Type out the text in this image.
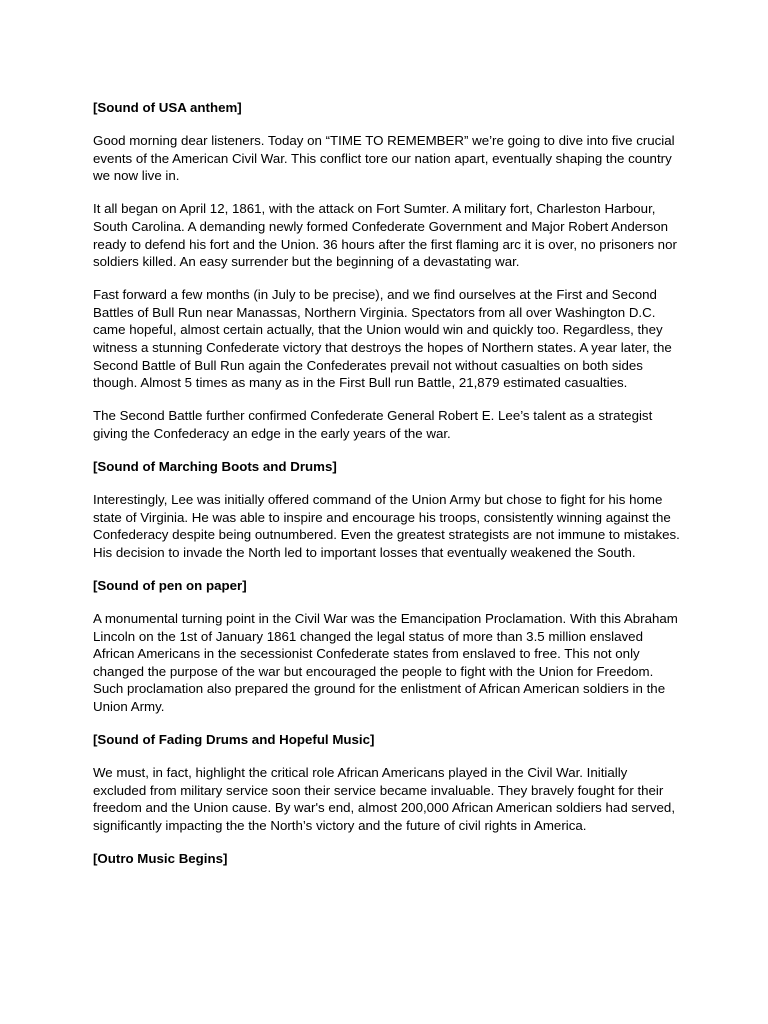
[Sound of USA anthem]
Good morning dear listeners. Today on “TIME TO REMEMBER” we’re going to dive into five crucial events of the American Civil War. This conflict tore our nation apart, eventually shaping the country we now live in.
It all began on April 12, 1861, with the attack on Fort Sumter. A military fort, Charleston Harbour, South Carolina. A demanding newly formed Confederate Government and Major Robert Anderson ready to defend his fort and the Union. 36 hours after the first flaming arc it is over, no prisoners nor soldiers killed. An easy surrender but the beginning of a devastating war.
Fast forward a few months (in July to be precise), and we find ourselves at the First and Second Battles of Bull Run near Manassas, Northern Virginia. Spectators from all over Washington D.C. came hopeful, almost certain actually, that the Union would win and quickly too. Regardless, they witness a stunning Confederate victory that destroys the hopes of Northern states. A year later, the Second Battle of Bull Run again the Confederates prevail not without casualties on both sides though. Almost 5 times as many as in the First Bull run Battle, 21,879 estimated casualties.
The Second Battle further confirmed Confederate General Robert E. Lee’s talent as a strategist giving the Confederacy an edge in the early years of the war.
[Sound of Marching Boots and Drums]
Interestingly, Lee was initially offered command of the Union Army but chose to fight for his home state of Virginia. He was able to inspire and encourage his troops, consistently winning against the Confederacy despite being outnumbered. Even the greatest strategists are not immune to mistakes. His decision to invade the North led to important losses that eventually weakened the South.
[Sound of pen on paper]
A monumental turning point in the Civil War was the Emancipation Proclamation. With this Abraham Lincoln on the 1st of January 1861 changed the legal status of more than 3.5 million enslaved African Americans in the secessionist Confederate states from enslaved to free. This not only changed the purpose of the war but encouraged the people to fight with the Union for Freedom. Such proclamation also prepared the ground for the enlistment of African American soldiers in the Union Army.
[Sound of Fading Drums and Hopeful Music]
We must, in fact, highlight the critical role African Americans played in the Civil War. Initially excluded from military service soon their service became invaluable. They bravely fought for their freedom and the Union cause. By war's end, almost 200,000 African American soldiers had served, significantly impacting the the North’s victory and the future of civil rights in America.
[Outro Music Begins]
